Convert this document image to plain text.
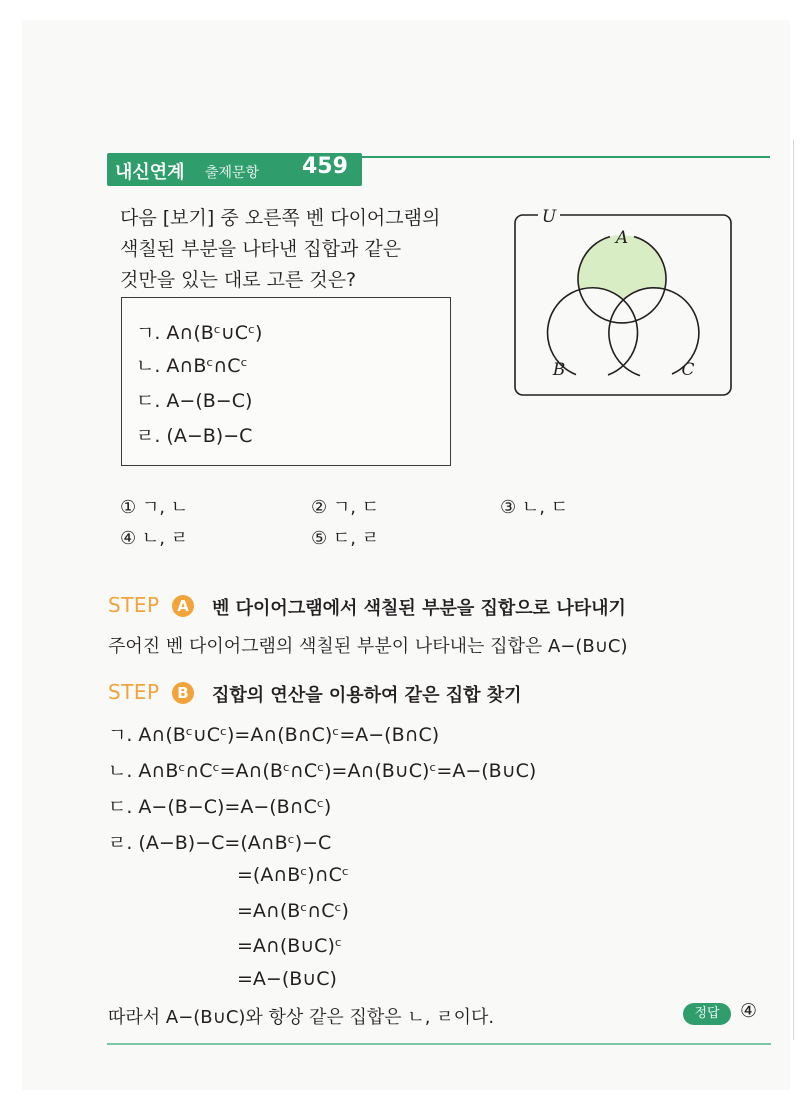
내신연계 출제문항 459
다음 [보기] 중 오른쪽 벤 다이어그램의
색칠된 부분을 나타낸 집합과 같은
것만을 있는 대로 고른 것은?
U
A
B	C
ㄱ. A∩(Bᶜ∪Cᶜ)
ㄴ. A∩Bᶜ∩Cᶜ
ㄷ. A−(B−C)
ㄹ. (A−B)−C
① ㄱ, ㄴ	② ㄱ, ㄷ	③ ㄴ, ㄷ
④ ㄴ, ㄹ	⑤ ㄷ, ㄹ
STEP	A 벤 다이어그램에서 색칠된 부분을 집합으로 나타내기
주어진 벤 다이어그램의 색칠된 부분이 나타내는 집합은 A−(B∪C)
STEP	B 집합의 연산을 이용하여 같은 집합 찾기
ㄱ. A∩(Bᶜ∪Cᶜ)=A∩(B∩C)ᶜ=A−(B∩C)
ㄴ. A∩Bᶜ∩Cᶜ=A∩(Bᶜ∩Cᶜ)=A∩(B∪C)ᶜ=A−(B∪C)
ㄷ. A−(B−C)=A−(B∩Cᶜ)
ㄹ. (A−B)−C=(A∩Bᶜ)−C
=(A∩Bᶜ)∩Cᶜ
=A∩(Bᶜ∩Cᶜ)
=A∩(B∪C)ᶜ
=A−(B∪C)
따라서 A−(B∪C)와 항상 같은 집합은 ㄴ, ㄹ이다.	정답	④
